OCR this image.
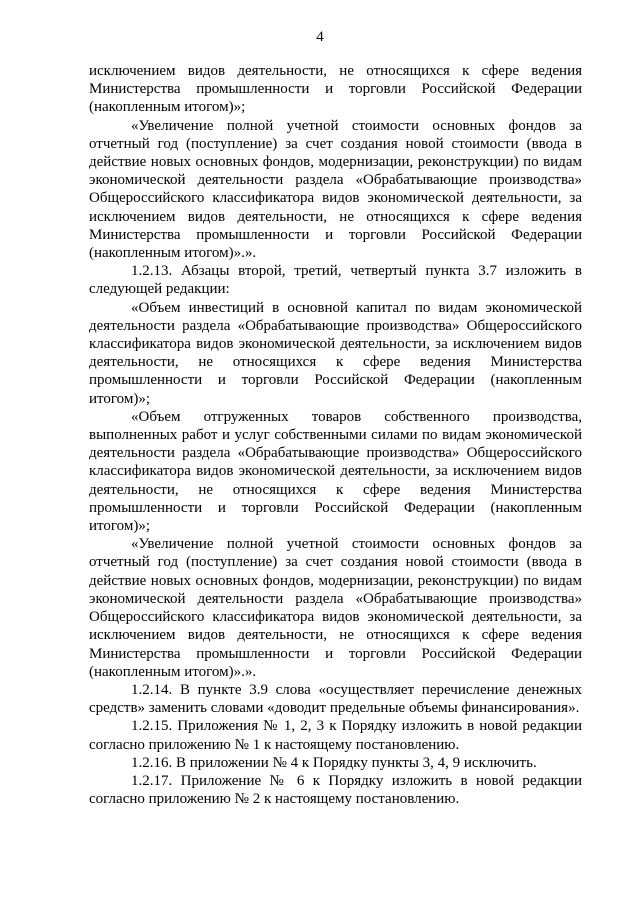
4

исключением видов деятельности, не относящихся к сфере ведения Министерства промышленности и торговли Российской Федерации (накопленным итогом)»;

«Увеличение полной учетной стоимости основных фондов за отчетный год (поступление) за счет создания новой стоимости (ввода в действие новых основных фондов, модернизации, реконструкции) по видам экономической деятельности раздела «Обрабатывающие производства» Общероссийского классификатора видов экономической деятельности, за исключением видов деятельности, не относящихся к сфере ведения Министерства промышленности и торговли Российской Федерации (накопленным итогом)».».

1.2.13. Абзацы второй, третий, четвертый пункта 3.7 изложить в следующей редакции:

«Объем инвестиций в основной капитал по видам экономической деятельности раздела «Обрабатывающие производства» Общероссийского классификатора видов экономической деятельности, за исключением видов деятельности, не относящихся к сфере ведения Министерства промышленности и торговли Российской Федерации (накопленным итогом)»;

«Объем отгруженных товаров собственного производства, выполненных работ и услуг собственными силами по видам экономической деятельности раздела «Обрабатывающие производства» Общероссийского классификатора видов экономической деятельности, за исключением видов деятельности, не относящихся к сфере ведения Министерства промышленности и торговли Российской Федерации (накопленным итогом)»;

«Увеличение полной учетной стоимости основных фондов за отчетный год (поступление) за счет создания новой стоимости (ввода в действие новых основных фондов, модернизации, реконструкции) по видам экономической деятельности раздела «Обрабатывающие производства» Общероссийского классификатора видов экономической деятельности, за исключением видов деятельности, не относящихся к сфере ведения Министерства промышленности и торговли Российской Федерации (накопленным итогом)».».

1.2.14. В пункте 3.9 слова «осуществляет перечисление денежных средств» заменить словами «доводит предельные объемы финансирования».

1.2.15. Приложения № 1, 2, 3 к Порядку изложить в новой редакции согласно приложению № 1 к настоящему постановлению.

1.2.16. В приложении № 4 к Порядку пункты 3, 4, 9 исключить.

1.2.17. Приложение № 6 к Порядку изложить в новой редакции согласно приложению № 2 к настоящему постановлению.
